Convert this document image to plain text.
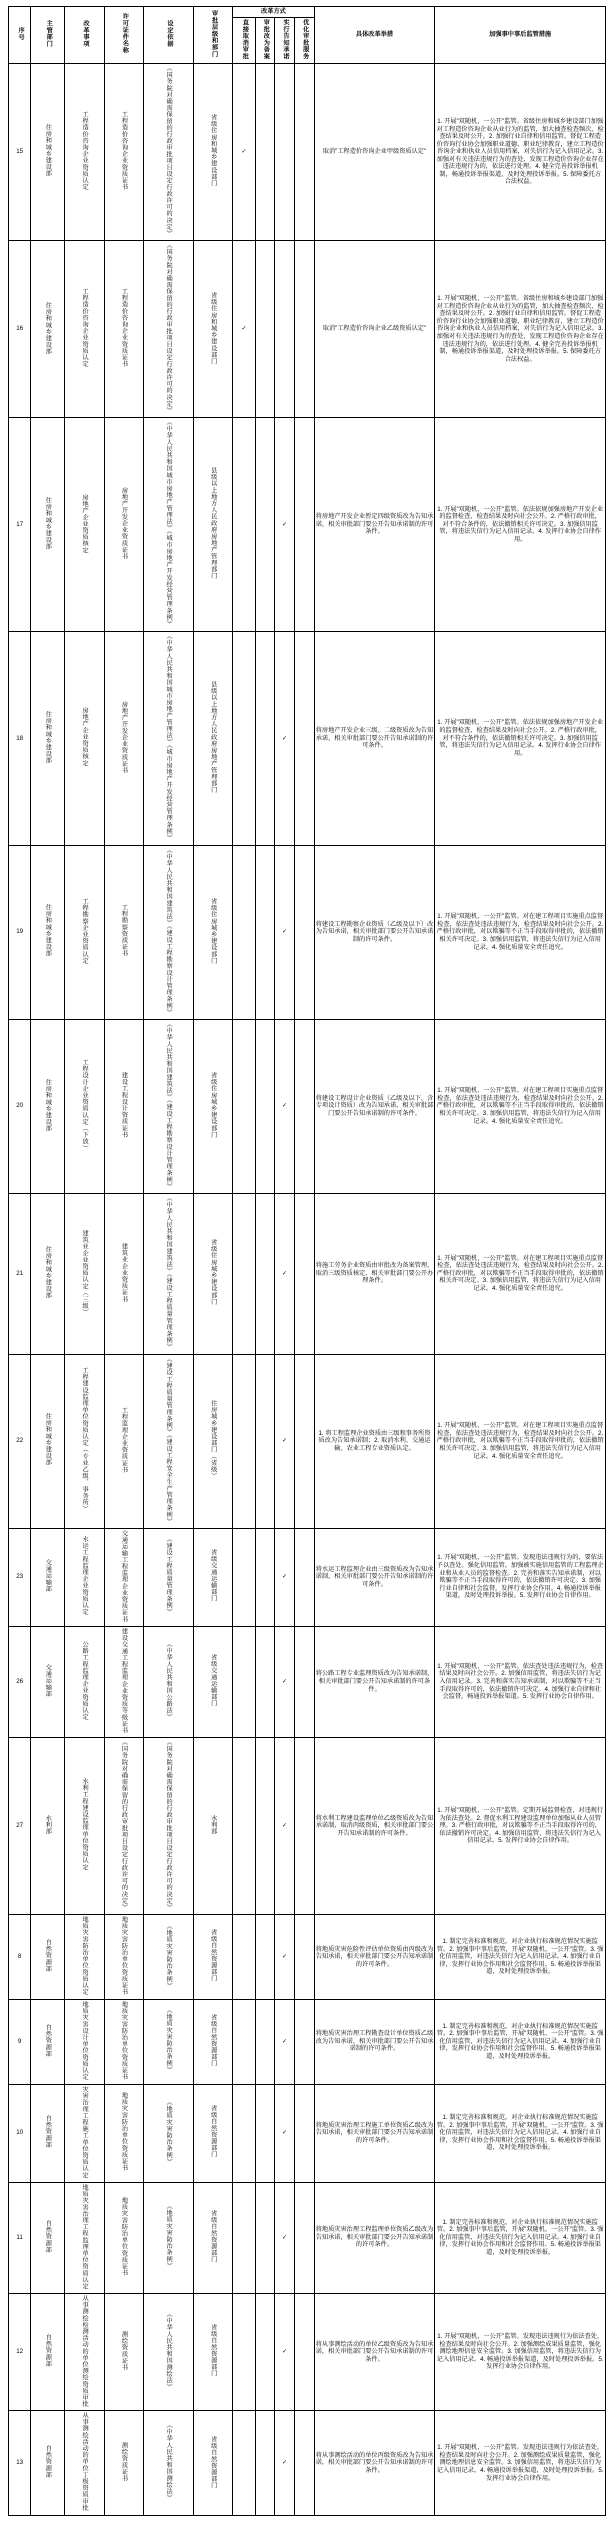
序号	主管部门	改革事项	许可证件名称	设定依据	审批层级和部门	改革方式				具体改革举措	加强事中事后监管措施
						直接取消审批	审批改为备案	实行告知承诺	优化审批服务		
15	住房和城乡建设部	工程造价咨询企业资质认定	工程造价咨询企业资质证书	《国务院对确需保留的行政审批项目设定行政许可的决定》	省级住房和城乡建设部门	✓				取消"工程造价咨询企业甲级资质认定"	1. 开展"双随机、一公开"监管。省级住房和城乡建设部门加强对工程造价咨询企业从业行为的监管，加大抽查检查频次、检查结果及时公开。2. 加强行业自律和信用监管。督促工程造价咨询行业协会加强职业道德、职业纪律教育，建立工程造价咨询企业和执业人员信用档案，对失信行为记入信用记录。3. 加强对有关违法违规行为的查处，发现工程造价咨询企业存在违法违规行为的，依法进行处理。4. 健全完善投诉举报机制，畅通投诉举报渠道，及时处理投诉举报。5. 保障委托方合法权益。
16	住房和城乡建设部	工程造价咨询企业资质认定	工程造价咨询企业资质证书	《国务院对确需保留的行政审批项目设定行政许可的决定》	省级住房和城乡建设部门	✓				取消"工程造价咨询企业乙级资质认定"	1. 开展"双随机、一公开"监管。省级住房和城乡建设部门加强对工程造价咨询企业从业行为的监管，加大抽查检查频次、检查结果及时公开。2. 加强行业自律和信用监管。督促工程造价咨询行业协会加强职业道德、职业纪律教育，建立工程造价咨询企业和执业人员信用档案，对失信行为记入信用记录。3. 加强对有关违法违规行为的查处，发现工程造价咨询企业存在违法违规行为的，依法进行处理。4. 健全完善投诉举报机制，畅通投诉举报渠道，及时处理投诉举报。5. 保障委托方合法权益。
17	住房和城乡建设部	房地产企业资质核定	房地产开发企业资质证书	《中华人民共和国城市房地产管理法》《城市房地产开发经营管理条例》	县级以上地方人民政府房地产管理部门			✓		将房地产开发企业暂定四级资质改为告知承诺，相关审批部门要公开告知承诺制的许可条件。	1. 开展"双随机、一公开"监管。依法依规加强房地产开发企业的监督检查，检查结果及时向社会公开。2. 严格行政审批，对不符合条件的，依法撤销相关许可决定。3. 加强信用监管，将违法失信行为记入信用记录。4. 发挥行业协会自律作用。
18	住房和城乡建设部	房地产企业资质核定	房地产开发企业资质证书	《中华人民共和国城市房地产管理法》《城市房地产开发经营管理条例》	县级以上地方人民政府房地产管理部门			✓		将房地产开发企业三级、二级资质改为告知承诺，相关审批部门要公开告知承诺制的许可条件。	1. 开展"双随机、一公开"监管。依法依规加强房地产开发企业的监督检查，检查结果及时向社会公开。2. 严格行政审批，对不符合条件的，依法撤销相关许可决定。3. 加强信用监管，将违法失信行为记入信用记录。4. 发挥行业协会自律作用。
19	住房和城乡建设部	工程勘察企业资质认定	工程勘察资质证书	《中华人民共和国建筑法》《建设工程勘察设计管理条例》	省级住房城乡建设部门			✓		将建设工程勘察企业资质（乙级及以下）改为告知承诺，相关审批部门要公开告知承诺制的许可条件。	1. 开展"双随机、一公开"监管。对在建工程项目实施重点监督检查，依法查处违法违规行为，检查结果及时向社会公开。2. 严格行政审批，对以欺骗等不正当手段取得审批的，依法撤销相关许可决定。3. 加强信用监管，将违法失信行为记入信用记录。4. 强化质量安全责任追究。
20	住房和城乡建设部	工程设计企业资质认定（下放）	建设工程设计资质证书	《中华人民共和国建筑法》《建设工程勘察设计管理条例》	省级住房城乡建设部门			✓		将建设工程设计企业资质（乙级及以下，含专项设计资质）改为告知承诺，相关审批部门要公开告知承诺制的许可条件。	1. 开展"双随机、一公开"监管。对在建工程项目实施重点监督检查，依法查处违法违规行为，检查结果及时向社会公开。2. 严格行政审批，对以欺骗等不正当手段取得审批的，依法撤销相关许可决定。3. 加强信用监管，将违法失信行为记入信用记录。4. 强化质量安全责任追究。
21	住房和城乡建设部	建筑业企业资质认定（三级）	建筑业企业资质证书	《中华人民共和国建筑法》《建设工程质量管理条例》	省级住房城乡建设部门			✓		将施工劳务企业资质由审批改为备案管理，取消三级资质核定，相关审批部门要公开办理条件。	1. 开展"双随机、一公开"监管。对在建工程项目实施重点监督检查，依法查处违法违规行为，检查结果及时向社会公开。2. 严格行政审批，对以欺骗等不正当手段取得审批的，依法撤销相关许可决定。3. 加强信用监管，将违法失信行为记入信用记录。4. 强化质量安全责任追究。
22	住房和城乡建设部	工程建设监理单位资质认定（专业乙级、事务所）	工程监理企业资质证书	《建设工程质量管理条例》《建设工程安全生产管理条例》	住房城乡建设部门（省级）			✓		1. 将工程监理企业资质由三级和事务所资质改为告知承诺制；2. 取消水利、交通运输、农业工程专业资质认定。	1. 开展"双随机、一公开"监管。对在建工程项目实施重点监督检查，依法查处违法违规行为，检查结果及时向社会公开。2. 严格行政审批，对以欺骗等不正当手段取得审批的，依法撤销相关许可决定。3. 加强信用监管，将违法失信行为记入信用记录。4. 强化质量安全责任追究。
23	交通运输部	水运工程监理企业资质认定	交通运输工程监理企业资质证书	《建设工程质量管理条例》	省级交通运输部门			✓		将水运工程监理企业由三级资质改为告知承诺制，相关审批部门要公开告知承诺制的许可条件。	1. 开展"双随机、一公开"监管。发现违法违规行为的，要依法予以查处。强化信用监管。加强被实施信用监管的工程监理企业和从业人员的监督检查。2. 完善和落实告知承诺制，对以欺骗等不正当手段取得许可的，依法撤销许可决定。3. 加强行业自律和社会监督，发挥行业协会作用。4. 畅通投诉举报渠道，及时处理投诉举报。5. 发挥行业协会自律作用。
26	交通运输部	公路工程监理企业资质认定	建设交通工程监理企业资质等级证书	《中华人民共和国公路法》	省级交通运输部门			✓		将公路工程专业监理资质改为告知承诺制，相关审批部门要公开告知承诺制的许可条件。	1. 开展"双随机、一公开"监管。依法查处违法违规行为，检查结果及时向社会公开。2. 加强信用监管，将违法失信行为记入信用记录。3. 完善和落实告知承诺制，对以欺骗等不正当手段取得许可的，依法撤销许可决定。4. 加强行业自律和社会监督，畅通投诉举报渠道。5. 发挥行业协会自律作用。
27	水利部	水利工程建设监理单位资质认定	《国务院对确需保留的行政审批项目设定行政许可的决定》	《国务院对确需保留的行政审批项目设定行政许可的决定》	水利部			✓		将水利工程建设监理单位乙级资质改为告知承诺制，取消丙级资质，相关审批部门要公开告知承诺制的许可条件。	1. 开展"双随机、一公开"监管。定期开展监督检查，对违规行为依法查处。2. 督促水利工程建设监理单位加强从业人员管理。3. 严格行政审批，对以欺骗等不正当手段取得许可的，依法撤销许可决定。4. 加强信用监管，将违法失信行为记入信用记录。5. 发挥行业协会自律作用。
8	自然资源部	地质灾害防治单位资质认定	地质灾害防治单位资质证书	《地质灾害防治条例》	省级自然资源部门			✓		将地质灾害危险性评估单位资质由丙级改为告知承诺，相关审批部门要公开告知承诺制的许可条件。	1. 制定完善标准和规范，对企业执行标准规范情况实施监管。2. 加强事中事后监管，开展"双随机、一公开"监管。3. 强化信用监管，对违法失信行为记入信用记录。4. 加强行业自律，发挥行业协会作用和社会监督作用。5. 畅通投诉举报渠道，及时处理投诉举报。
9	自然资源部	地质灾害设计单位资质认定	地质灾害防治单位资质证书	《地质灾害防治条例》	省级自然资源部门			✓		将地质灾害治理工程勘查设计单位资质乙级改为告知承诺，相关审批部门要公开告知承诺制的许可条件。	1. 制定完善标准和规范，对企业执行标准规范情况实施监管。2. 加强事中事后监管，开展"双随机、一公开"监管。3. 强化信用监管，对违法失信行为记入信用记录。4. 加强行业自律，发挥行业协会作用和社会监督作用。5. 畅通投诉举报渠道，及时处理投诉举报。
10	自然资源部	灾害治理工程施工单位资质认定	地质灾害防治单位资质证书	《地质灾害防治条例》	省级自然资源部门			✓		将地质灾害治理工程施工单位资质乙级改为告知承诺，相关审批部门要公开告知承诺制的许可条件。	1. 制定完善标准和规范，对企业执行标准规范情况实施监管。2. 加强事中事后监管，开展"双随机、一公开"监管。3. 强化信用监管，对违法失信行为记入信用记录。4. 加强行业自律，发挥行业协会作用和社会监督作用。5. 畅通投诉举报渠道，及时处理投诉举报。
11	自然资源部	地质灾害治理工程监理单位资质认定	地质灾害防治单位资质证书	《地质灾害防治条例》	省级自然资源部门			✓		将地质灾害治理工程监理单位资质乙级改为告知承诺，相关审批部门要公开告知承诺制的许可条件。	1. 制定完善标准和规范，对企业执行标准规范情况实施监管。2. 加强事中事后监管，开展"双随机、一公开"监管。3. 强化信用监管，对违法失信行为记入信用记录。4. 加强行业自律，发挥行业协会作用和社会监督作用。5. 畅通投诉举报渠道，及时处理投诉举报。
12	自然资源部	从事测绘检测活动的单位测绘资质审批	测绘资质证书	《中华人民共和国测绘法》	省级自然资源部门			✓		将从事测绘活动的单位乙级资质改为告知承诺，相关审批部门要公开告知承诺制的许可条件。	1. 开展"双随机、一公开"监管。发现违法违规行为依法查处，检查结果及时向社会公开。2. 加强测绘成果质量监管，强化测绘地理信息安全监管。3. 加强信用监管，将违法失信行为记入信用记录。4. 畅通投诉举报渠道，及时处理投诉举报。5. 发挥行业协会自律作用。
13	自然资源部	从事测绘活动的单位丁级资质审批	测绘资质证书	《中华人民共和国测绘法》	省级自然资源部门			✓		将从事测绘活动的单位丙级资质改为告知承诺，相关审批部门要公开告知承诺制的许可条件。	1. 开展"双随机、一公开"监管。发现违法违规行为依法查处，检查结果及时向社会公开。2. 加强测绘成果质量监管，强化测绘地理信息安全监管。3. 加强信用监管，将违法失信行为记入信用记录。4. 畅通投诉举报渠道，及时处理投诉举报。5. 发挥行业协会自律作用。
